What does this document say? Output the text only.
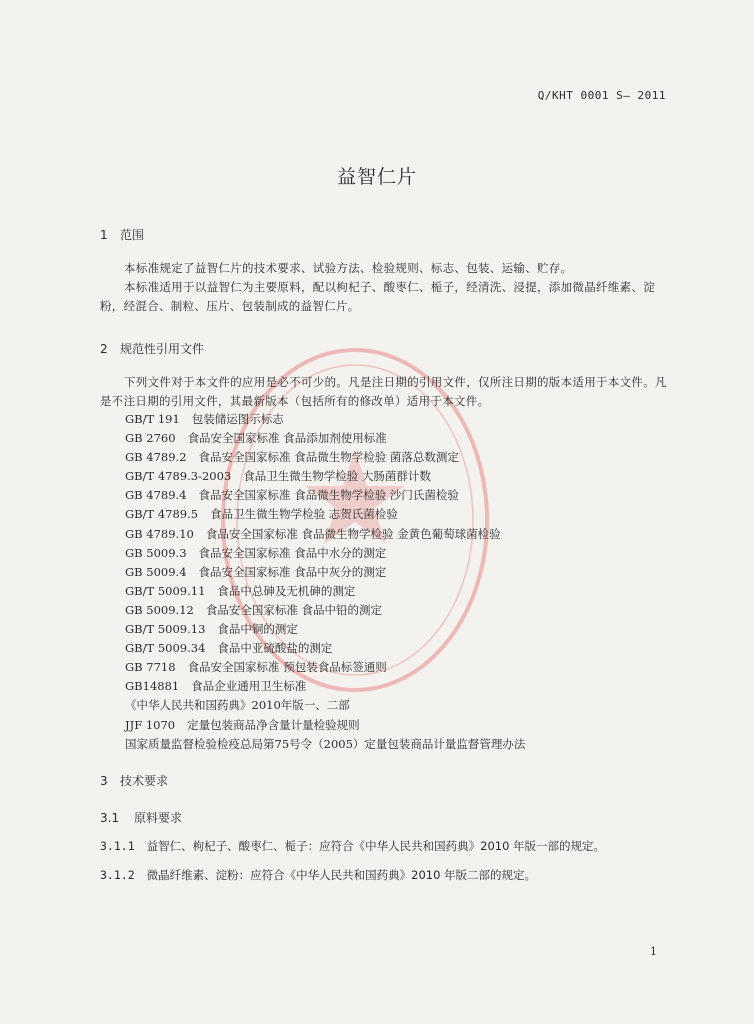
Q/KHT 0001 S— 2011
益智仁片
1 范围
本标准规定了益智仁片的技术要求、试验方法、检验规则、标志、包装、运输、贮存。
本标准适用于以益智仁为主要原料，配以枸杞子、酸枣仁、栀子，经清洗、浸提，添加微晶纤维素、淀粉，经混合、制粒、压片、包装制成的益智仁片。
2 规范性引用文件
下列文件对于本文件的应用是必不可少的。凡是注日期的引用文件，仅所注日期的版本适用于本文件。凡是不注日期的引用文件，其最新版本（包括所有的修改单）适用于本文件。
GB/T 191 包装储运图示标志
GB 2760 食品安全国家标准 食品添加剂使用标准
GB 4789.2 食品安全国家标准 食品微生物学检验 菌落总数测定
GB/T 4789.3-2003 食品卫生微生物学检验 大肠菌群计数
GB 4789.4 食品安全国家标准 食品微生物学检验 沙门氏菌检验
GB/T 4789.5 食品卫生微生物学检验 志贺氏菌检验
GB 4789.10 食品安全国家标准 食品微生物学检验 金黄色葡萄球菌检验
GB 5009.3 食品安全国家标准 食品中水分的测定
GB 5009.4 食品安全国家标准 食品中灰分的测定
GB/T 5009.11 食品中总砷及无机砷的测定
GB 5009.12 食品安全国家标准 食品中铅的测定
GB/T 5009.13 食品中铜的测定
GB/T 5009.34 食品中亚硫酸盐的测定
GB 7718 食品安全国家标准 预包装食品标签通则
GB14881 食品企业通用卫生标准
《中华人民共和国药典》2010年版一、二部
JJF 1070 定量包装商品净含量计量检验规则
国家质量监督检验检疫总局第75号令（2005）定量包装商品计量监督管理办法
3 技术要求
3.1 原料要求
3.1.1 益智仁、枸杞子、酸枣仁、栀子：应符合《中华人民共和国药典》2010 年版一部的规定。
3.1.2 微晶纤维素、淀粉：应符合《中华人民共和国药典》2010 年版二部的规定。
1
